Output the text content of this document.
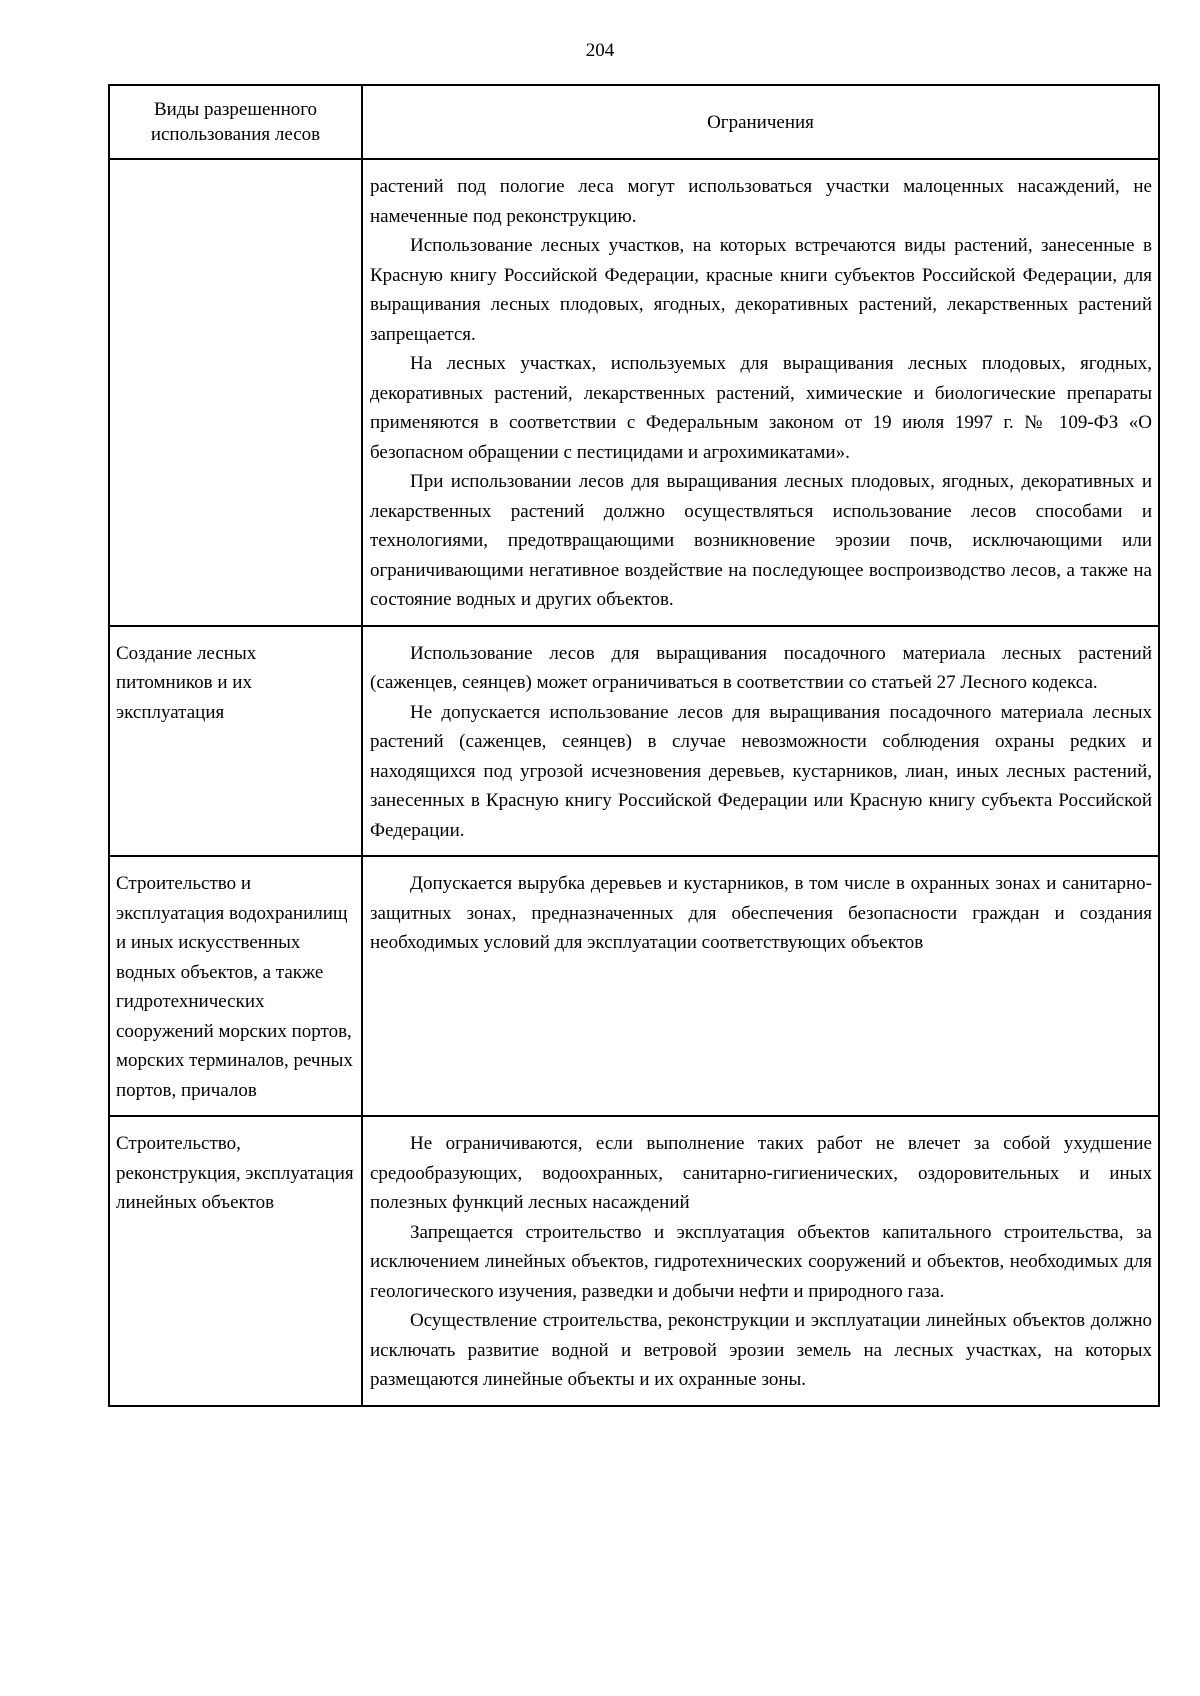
204
Виды разрешенного использования лесов	Ограничения

	растений под пологие леса могут использоваться участки малоценных насаждений, не намеченные под реконструкцию.

Использование лесных участков, на которых встречаются виды растений, занесенные в Красную книгу Российской Федерации, красные книги субъектов Российской Федерации, для выращивания лесных плодовых, ягодных, декоративных растений, лекарственных растений запрещается.

На лесных участках, используемых для выращивания лесных плодовых, ягодных, декоративных растений, лекарственных растений, химические и биологические препараты применяются в соответствии с Федеральным законом от 19 июля 1997 г. № 109-ФЗ «О безопасном обращении с пестицидами и агрохимикатами».

При использовании лесов для выращивания лесных плодовых, ягодных, декоративных и лекарственных растений должно осуществляться использование лесов способами и технологиями, предотвращающими возникновение эрозии почв, исключающими или ограничивающими негативное воздействие на последующее воспроизводство лесов, а также на состояние водных и других объектов.

Создание лесных питомников и их эксплуатация	Использование лесов для выращивания посадочного материала лесных растений (саженцев, сеянцев) может ограничиваться в соответствии со статьей 27 Лесного кодекса.

Не допускается использование лесов для выращивания посадочного материала лесных растений (саженцев, сеянцев) в случае невозможности соблюдения охраны редких и находящихся под угрозой исчезновения деревьев, кустарников, лиан, иных лесных растений, занесенных в Красную книгу Российской Федерации или Красную книгу субъекта Российской Федерации.

Строительство и эксплуатация водохранилищ и иных искусственных водных объектов, а также гидротехнических сооружений морских портов, морских терминалов, речных портов, причалов	Допускается вырубка деревьев и кустарников, в том числе в охранных зонах и санитарно-защитных зонах, предназначенных для обеспечения безопасности граждан и создания необходимых условий для эксплуатации соответствующих объектов

Строительство, реконструкция, эксплуатация линейных объектов	Не ограничиваются, если выполнение таких работ не влечет за собой ухудшение средообразующих, водоохранных, санитарно-гигиенических, оздоровительных и иных полезных функций лесных насаждений

Запрещается строительство и эксплуатация объектов капитального строительства, за исключением линейных объектов, гидротехнических сооружений и объектов, необходимых для геологического изучения, разведки и добычи нефти и природного газа.

Осуществление строительства, реконструкции и эксплуатации линейных объектов должно исключать развитие водной и ветровой эрозии земель на лесных участках, на которых размещаются линейные объекты и их охранные зоны.
